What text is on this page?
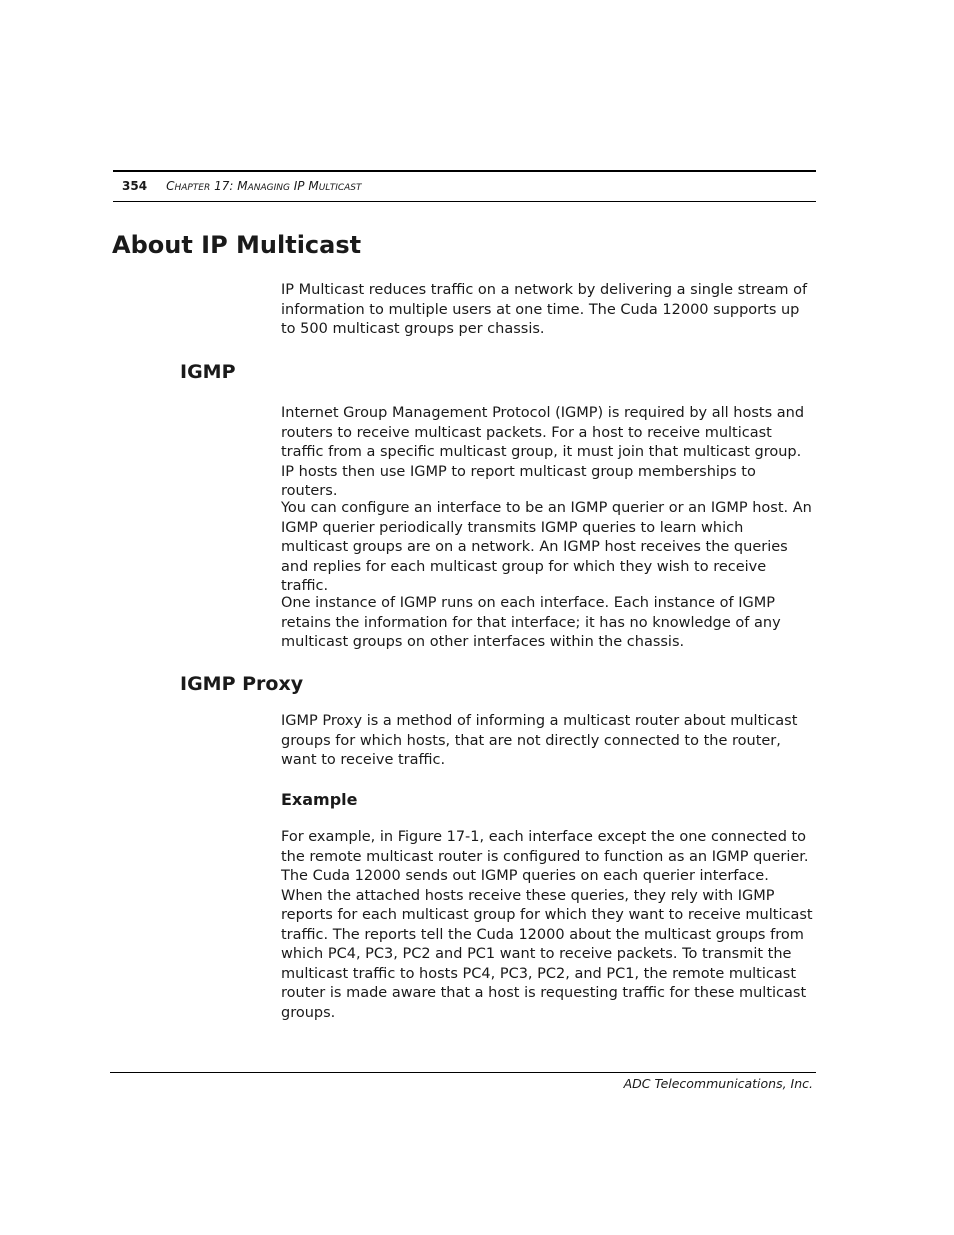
354 CHAPTER 17: MANAGING IP MULTICAST
About IP Multicast

IP Multicast reduces traffic on a network by delivering a single stream of information to multiple users at one time. The Cuda 12000 supports up to 500 multicast groups per chassis.

IGMP

Internet Group Management Protocol (IGMP) is required by all hosts and routers to receive multicast packets. For a host to receive multicast traffic from a specific multicast group, it must join that multicast group. IP hosts then use IGMP to report multicast group memberships to routers.

You can configure an interface to be an IGMP querier or an IGMP host. An IGMP querier periodically transmits IGMP queries to learn which multicast groups are on a network. An IGMP host receives the queries and replies for each multicast group for which they wish to receive traffic.

One instance of IGMP runs on each interface. Each instance of IGMP retains the information for that interface; it has no knowledge of any multicast groups on other interfaces within the chassis.

IGMP Proxy

IGMP Proxy is a method of informing a multicast router about multicast groups for which hosts, that are not directly connected to the router, want to receive traffic.

Example

For example, in Figure 17-1, each interface except the one connected to the remote multicast router is configured to function as an IGMP querier. The Cuda 12000 sends out IGMP queries on each querier interface. When the attached hosts receive these queries, they rely with IGMP reports for each multicast group for which they want to receive multicast traffic. The reports tell the Cuda 12000 about the multicast groups from which PC4, PC3, PC2 and PC1 want to receive packets. To transmit the multicast traffic to hosts PC4, PC3, PC2, and PC1, the remote multicast router is made aware that a host is requesting traffic for these multicast groups.

ADC Telecommunications, Inc.
